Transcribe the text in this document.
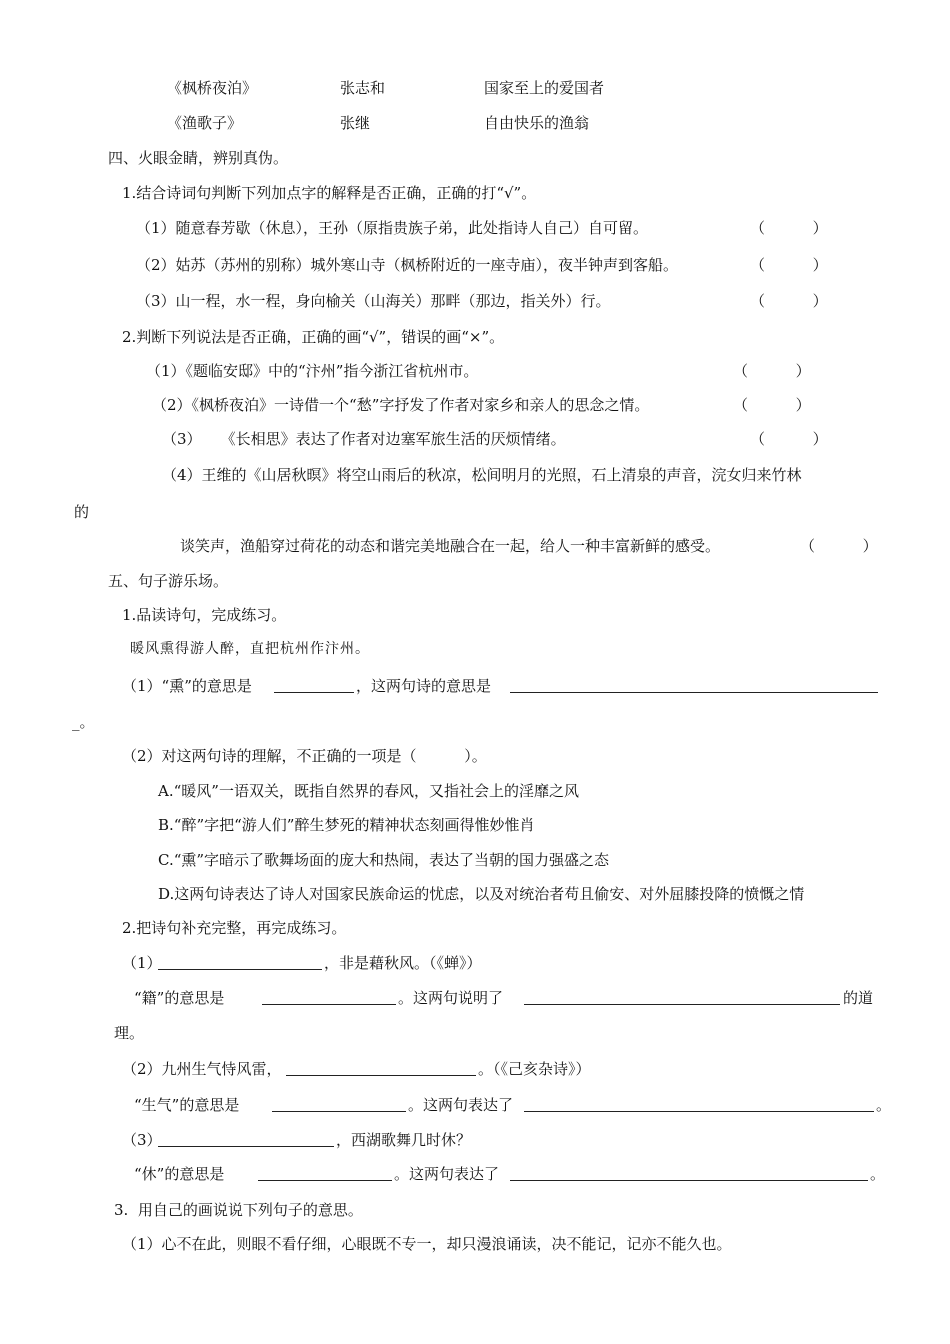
《枫桥夜泊》	张志和	国家至上的爱国者
《渔歌子》	张继	自由快乐的渔翁
四、火眼金睛，辨别真伪。
1.结合诗词句判断下列加点字的解释是否正确，正确的打“√”。
（1）随意春芳歇（休息），王孙（原指贵族子弟，此处指诗人自己）自可留。	（          ）
（2）姑苏（苏州的别称）城外寒山寺（枫桥附近的一座寺庙），夜半钟声到客船。	（          ）
（3）山一程，水一程，身向榆关（山海关）那畔（那边，指关外）行。	（          ）
2.判断下列说法是否正确，正确的画“√”，错误的画“×”。
（1）《题临安邸》中的“汴州”指今浙江省杭州市。	（          ）
（2）《枫桥夜泊》一诗借一个“愁”字抒发了作者对家乡和亲人的思念之情。	（          ）
（3）    《长相思》表达了作者对边塞军旅生活的厌烦情绪。	（          ）
（4）王维的《山居秋暝》将空山雨后的秋凉，松间明月的光照，石上清泉的声音，浣女归来竹林
的
谈笑声，渔船穿过荷花的动态和谐完美地融合在一起，给人一种丰富新鲜的感受。	（          ）
五、句子游乐场。
1.品读诗句，完成练习。
暖风熏得游人醉，直把杭州作汴州。
（1）“熏”的意思是	，这两句诗的意思是
_。
（2）对这两句诗的理解，不正确的一项是（          ）。
A.“暖风”一语双关，既指自然界的春风，又指社会上的淫靡之风
B.“醉”字把“游人们”醉生梦死的精神状态刻画得惟妙惟肖
C.“熏”字暗示了歌舞场面的庞大和热闹，表达了当朝的国力强盛之态
D.这两句诗表达了诗人对国家民族命运的忧虑，以及对统治者苟且偷安、对外屈膝投降的愤慨之情
2.把诗句补充完整，再完成练习。
（1）	，非是藉秋风。（《蝉》）
“籍”的意思是	。这两句说明了	的道
理。
（2）九州生气恃风雷，	。（《己亥杂诗》）
“生气”的意思是	。这两句表达了	。
（3）	，西湖歌舞几时休？
“休”的意思是	。这两句表达了	。
3.  用自己的画说说下列句子的意思。
（1）心不在此，则眼不看仔细，心眼既不专一，却只漫浪诵读，决不能记，记亦不能久也。
